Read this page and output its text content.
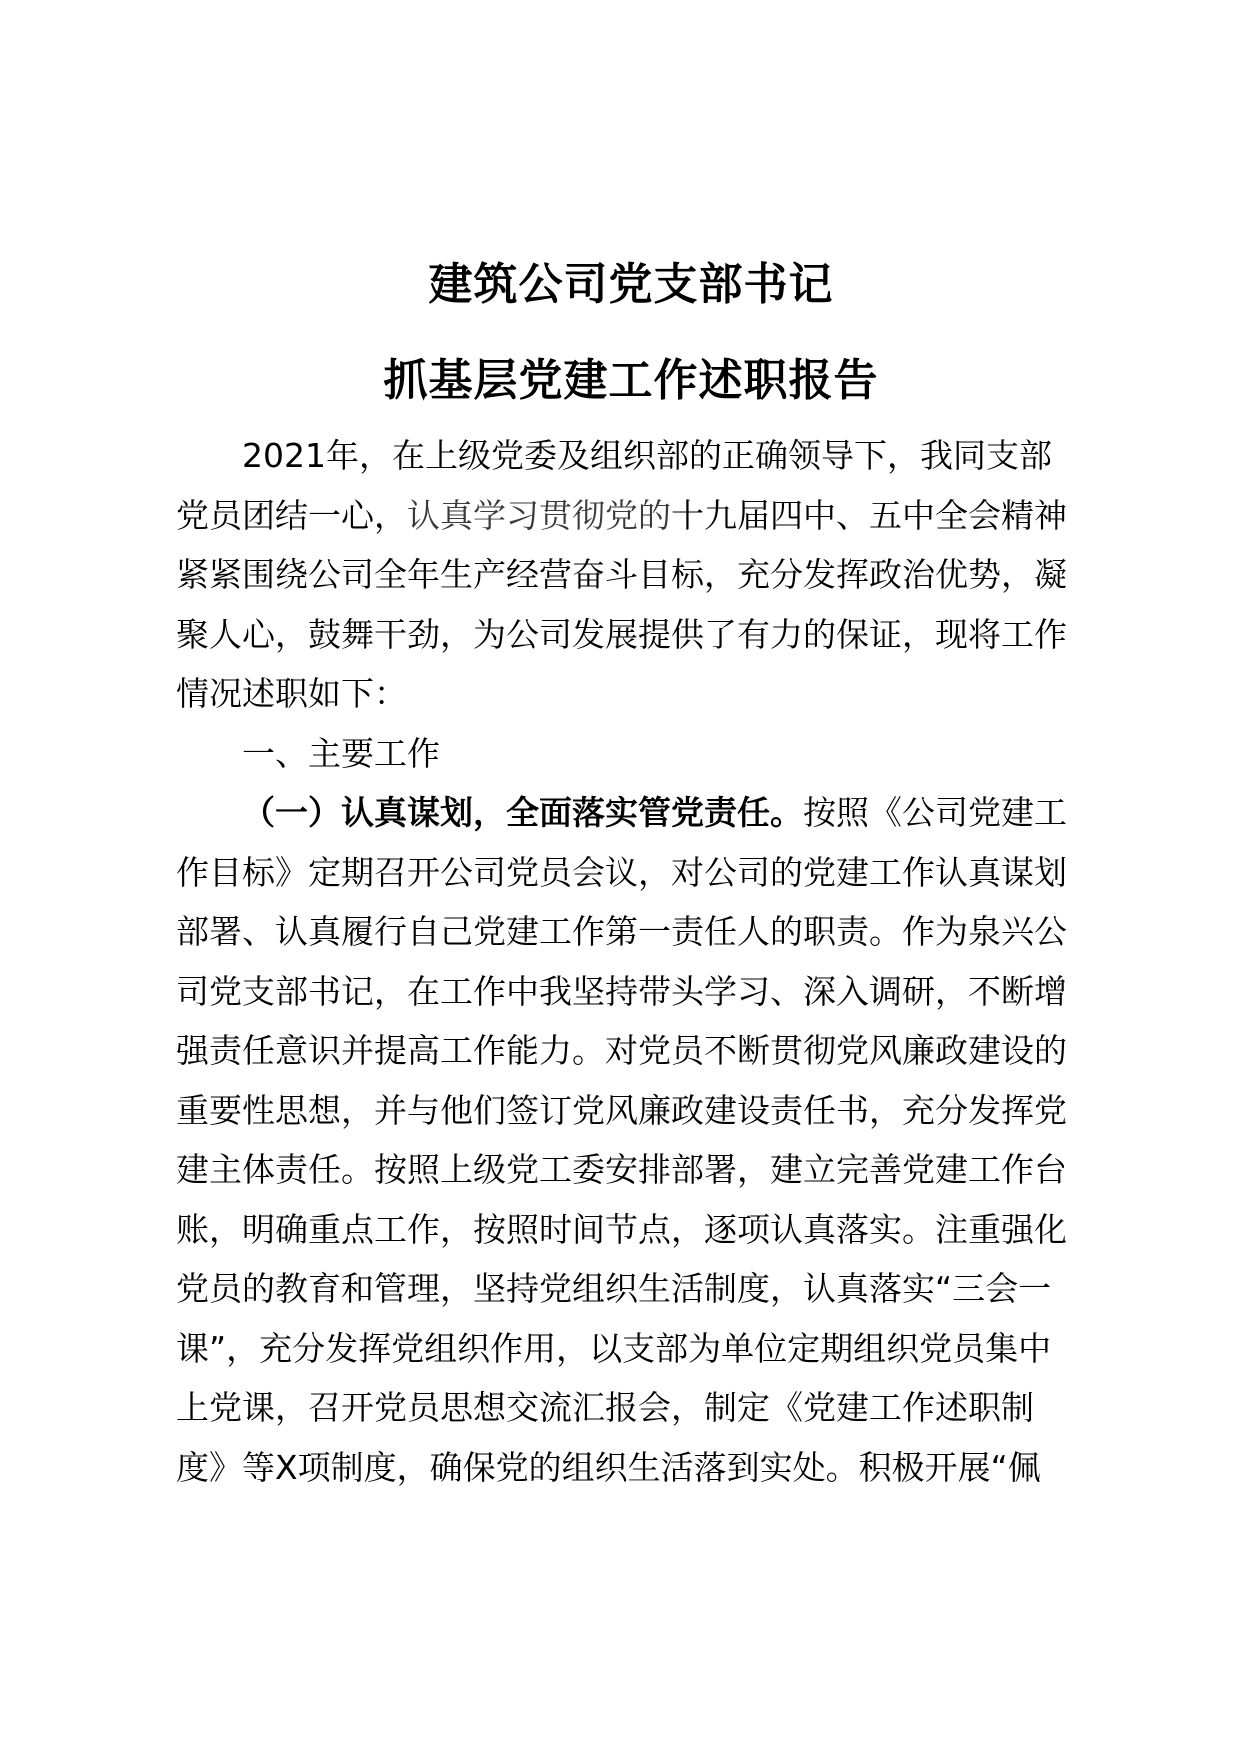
建筑公司党支部书记
抓基层党建工作述职报告
2021年，在上级党委及组织部的正确领导下，我同支部
党员团结一心，认真学习贯彻党的十九届四中、五中全会精神
紧紧围绕公司全年生产经营奋斗目标，充分发挥政治优势，凝
聚人心，鼓舞干劲，为公司发展提供了有力的保证，现将工作
情况述职如下：
一、主要工作
（一）认真谋划，全面落实管党责任。按照《公司党建工
作目标》定期召开公司党员会议，对公司的党建工作认真谋划
部署、认真履行自己党建工作第一责任人的职责。作为泉兴公
司党支部书记，在工作中我坚持带头学习、深入调研，不断增
强责任意识并提高工作能力。对党员不断贯彻党风廉政建设的
重要性思想，并与他们签订党风廉政建设责任书，充分发挥党
建主体责任。按照上级党工委安排部署，建立完善党建工作台
账，明确重点工作，按照时间节点，逐项认真落实。注重强化
党员的教育和管理，坚持党组织生活制度，认真落实“三会一
课”，充分发挥党组织作用，以支部为单位定期组织党员集中
上党课，召开党员思想交流汇报会，制定《党建工作述职制
度》等X项制度，确保党的组织生活落到实处。积极开展“佩
